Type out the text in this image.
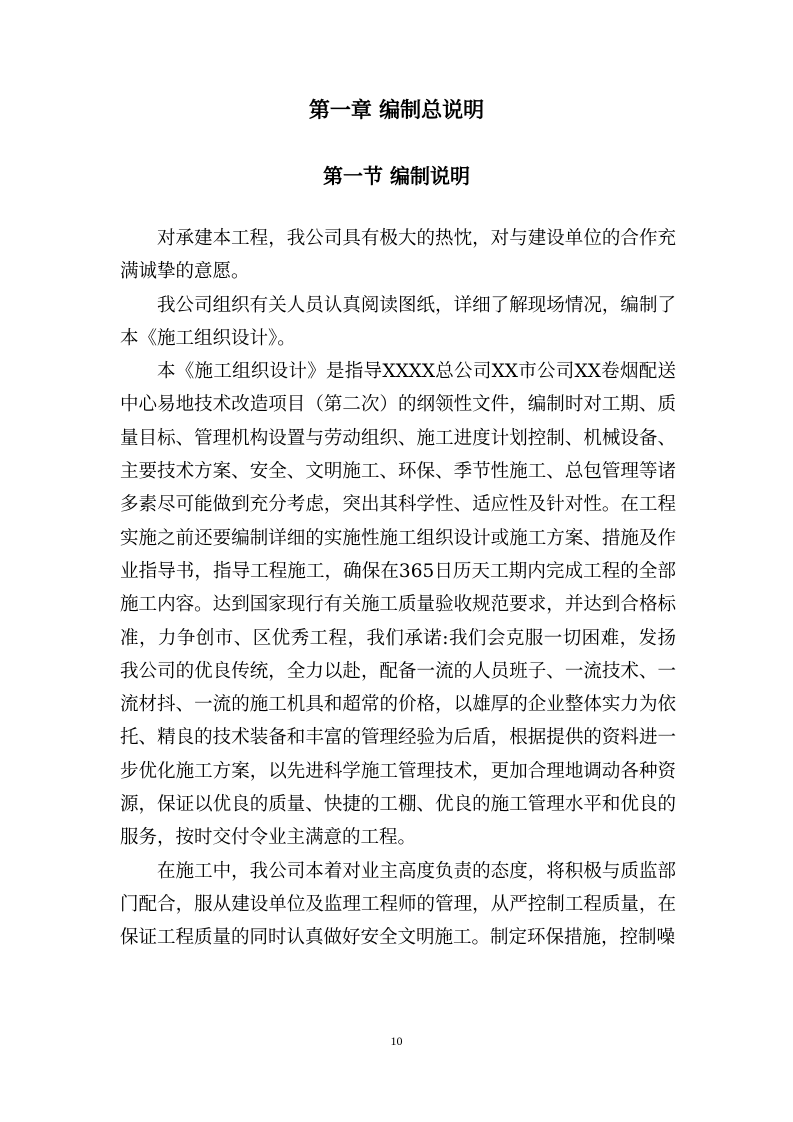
第一章 编制总说明
第一节 编制说明

对承建本工程，我公司具有极大的热忱，对与建设单位的合作充满诚挚的意愿。

我公司组织有关人员认真阅读图纸，详细了解现场情况，编制了本《施工组织设计》。

本《施工组织设计》是指导XXXX总公司XX市公司XX卷烟配送中心易地技术改造项目（第二次）的纲领性文件，编制时对工期、质量目标、管理机构设置与劳动组织、施工进度计划控制、机械设备、主要技术方案、安全、文明施工、环保、季节性施工、总包管理等诸多素尽可能做到充分考虑，突出其科学性、适应性及针对性。在工程实施之前还要编制详细的实施性施工组织设计或施工方案、措施及作业指导书，指导工程施工，确保在365日历天工期内完成工程的全部施工内容。达到国家现行有关施工质量验收规范要求，并达到合格标准，力争创市、区优秀工程，我们承诺:我们会克服一切困难，发扬我公司的优良传统，全力以赴，配备一流的人员班子、一流技术、一流材抖、一流的施工机具和超常的价格，以雄厚的企业整体实力为依托、精良的技术装备和丰富的管理经验为后盾，根据提供的资料进一步优化施工方案，以先进科学施工管理技术，更加合理地调动各种资源，保证以优良的质量、快捷的工棚、优良的施工管理水平和优良的服务，按时交付令业主满意的工程。

在施工中，我公司本着对业主高度负责的态度，将积极与质监部门配合，服从建设单位及监理工程师的管理，从严控制工程质量，在保证工程质量的同时认真做好安全文明施工。制定环保措施，控制噪

10
